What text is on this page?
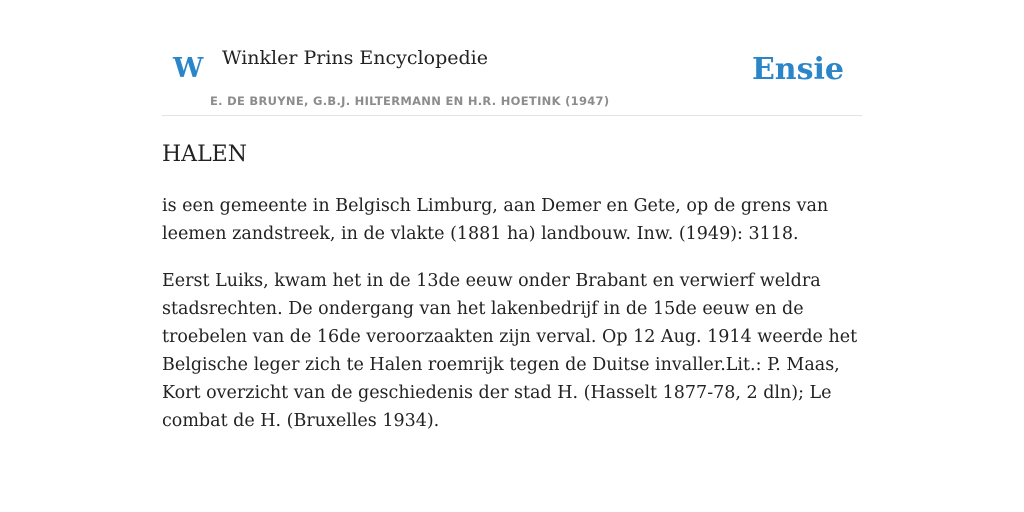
W Winkler Prins Encyclopedie
E. DE BRUYNE, G.B.J. HILTERMANN EN H.R. HOETINK (1947)
Ensie
HALEN

is een gemeente in Belgisch Limburg, aan Demer en Gete, op de grens van leemen zandstreek, in de vlakte (1881 ha) landbouw. Inw. (1949): 3118.

Eerst Luiks, kwam het in de 13de eeuw onder Brabant en verwierf weldra stadsrechten. De ondergang van het lakenbedrijf in de 15de eeuw en de troebelen van de 16de veroorzaakten zijn verval. Op 12 Aug. 1914 weerde het Belgische leger zich te Halen roemrijk tegen de Duitse invaller.Lit.: P. Maas, Kort overzicht van de geschiedenis der stad H. (Hasselt 1877-78, 2 dln); Le combat de H. (Bruxelles 1934).
